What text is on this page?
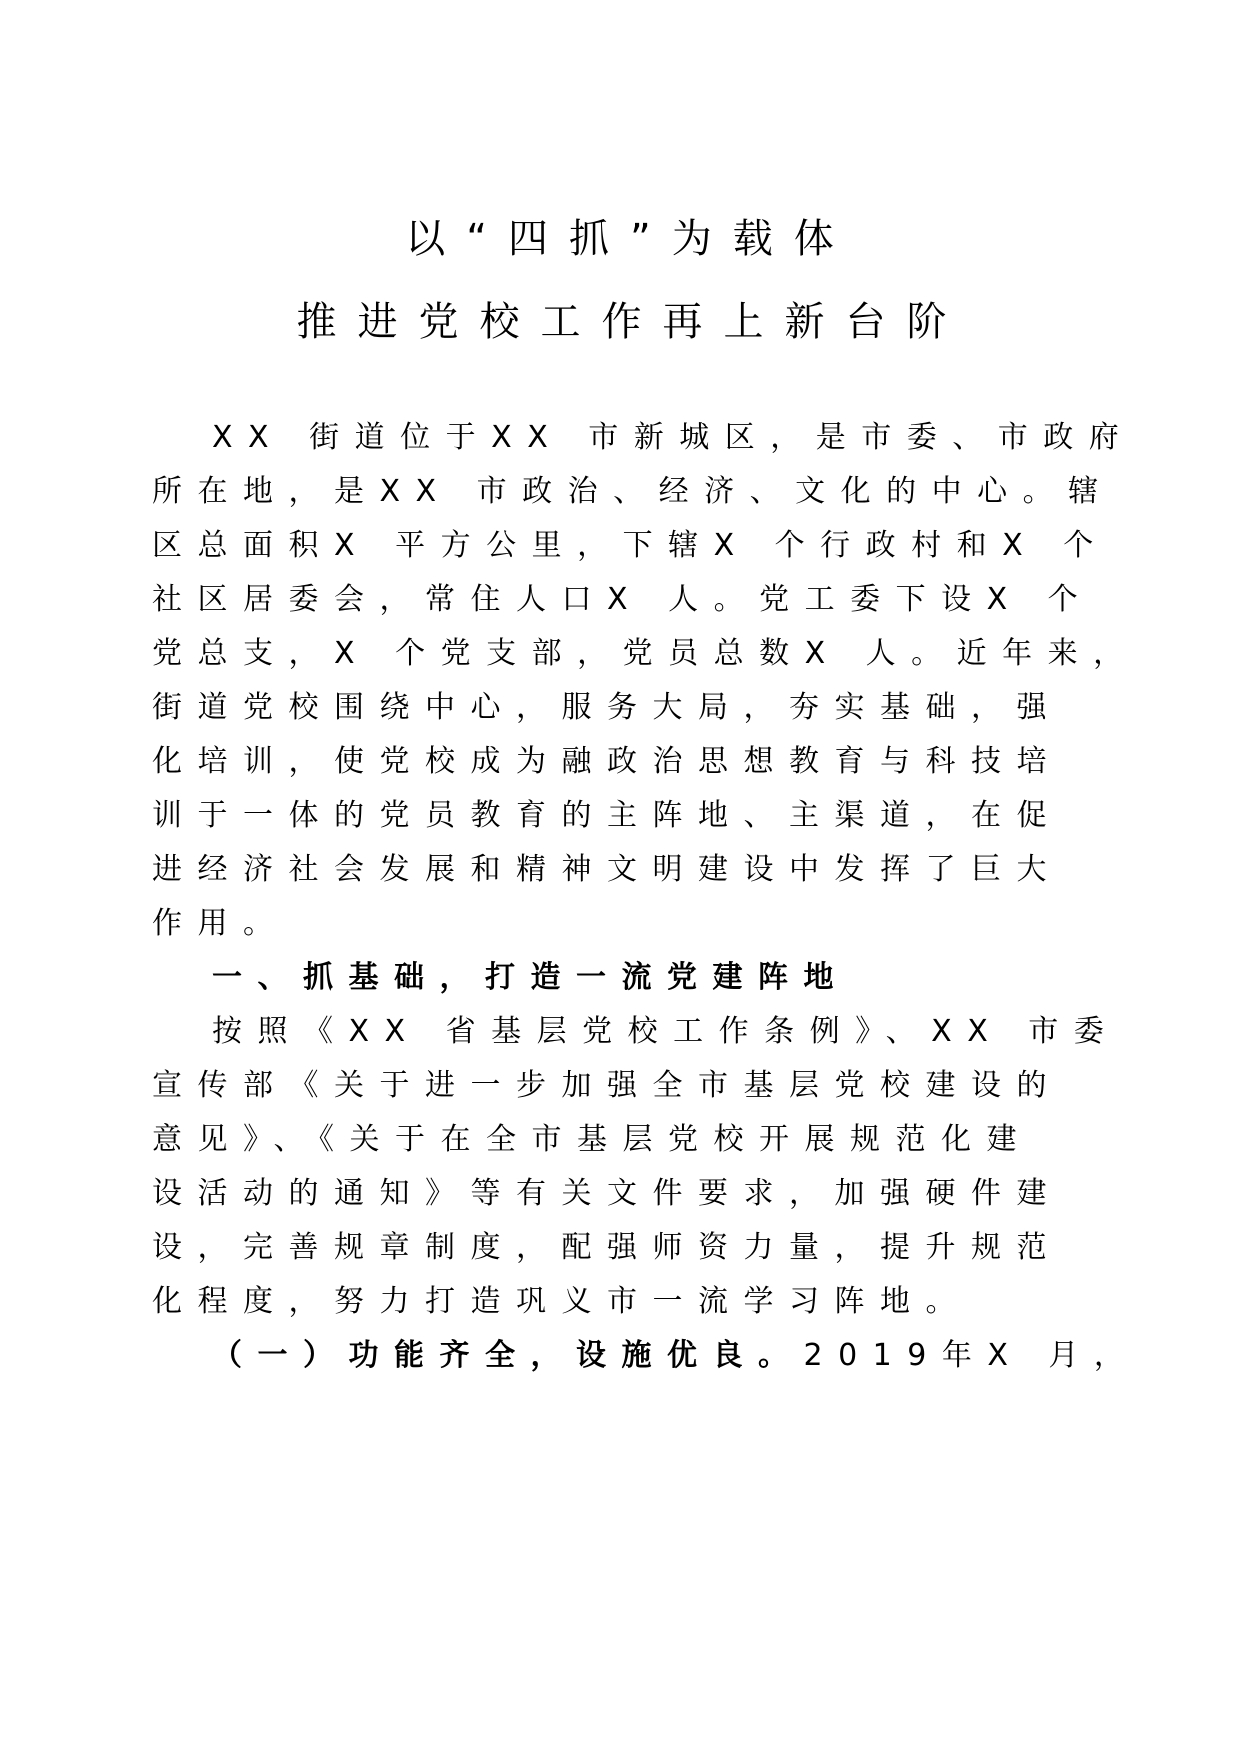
以“四抓”为载体
推进党校工作再上新台阶
XX 街道位于XX 市新城区，是市委、市政府
所在地，是XX 市政治、经济、文化的中心。辖
区总面积X 平方公里，下辖X 个行政村和X 个
社区居委会，常住人口X 人。党工委下设X 个
党总支，X 个党支部，党员总数X 人。近年来，
街道党校围绕中心，服务大局，夯实基础，强
化培训，使党校成为融政治思想教育与科技培
训于一体的党员教育的主阵地、主渠道，在促
进经济社会发展和精神文明建设中发挥了巨大
作用。
一、抓基础，打造一流党建阵地
按照《XX 省基层党校工作条例》、XX 市委
宣传部《关于进一步加强全市基层党校建设的
意见》、《关于在全市基层党校开展规范化建
设活动的通知》等有关文件要求，加强硬件建
设，完善规章制度，配强师资力量，提升规范
化程度，努力打造巩义市一流学习阵地。
（一）功能齐全，设施优良。2019年X 月，
